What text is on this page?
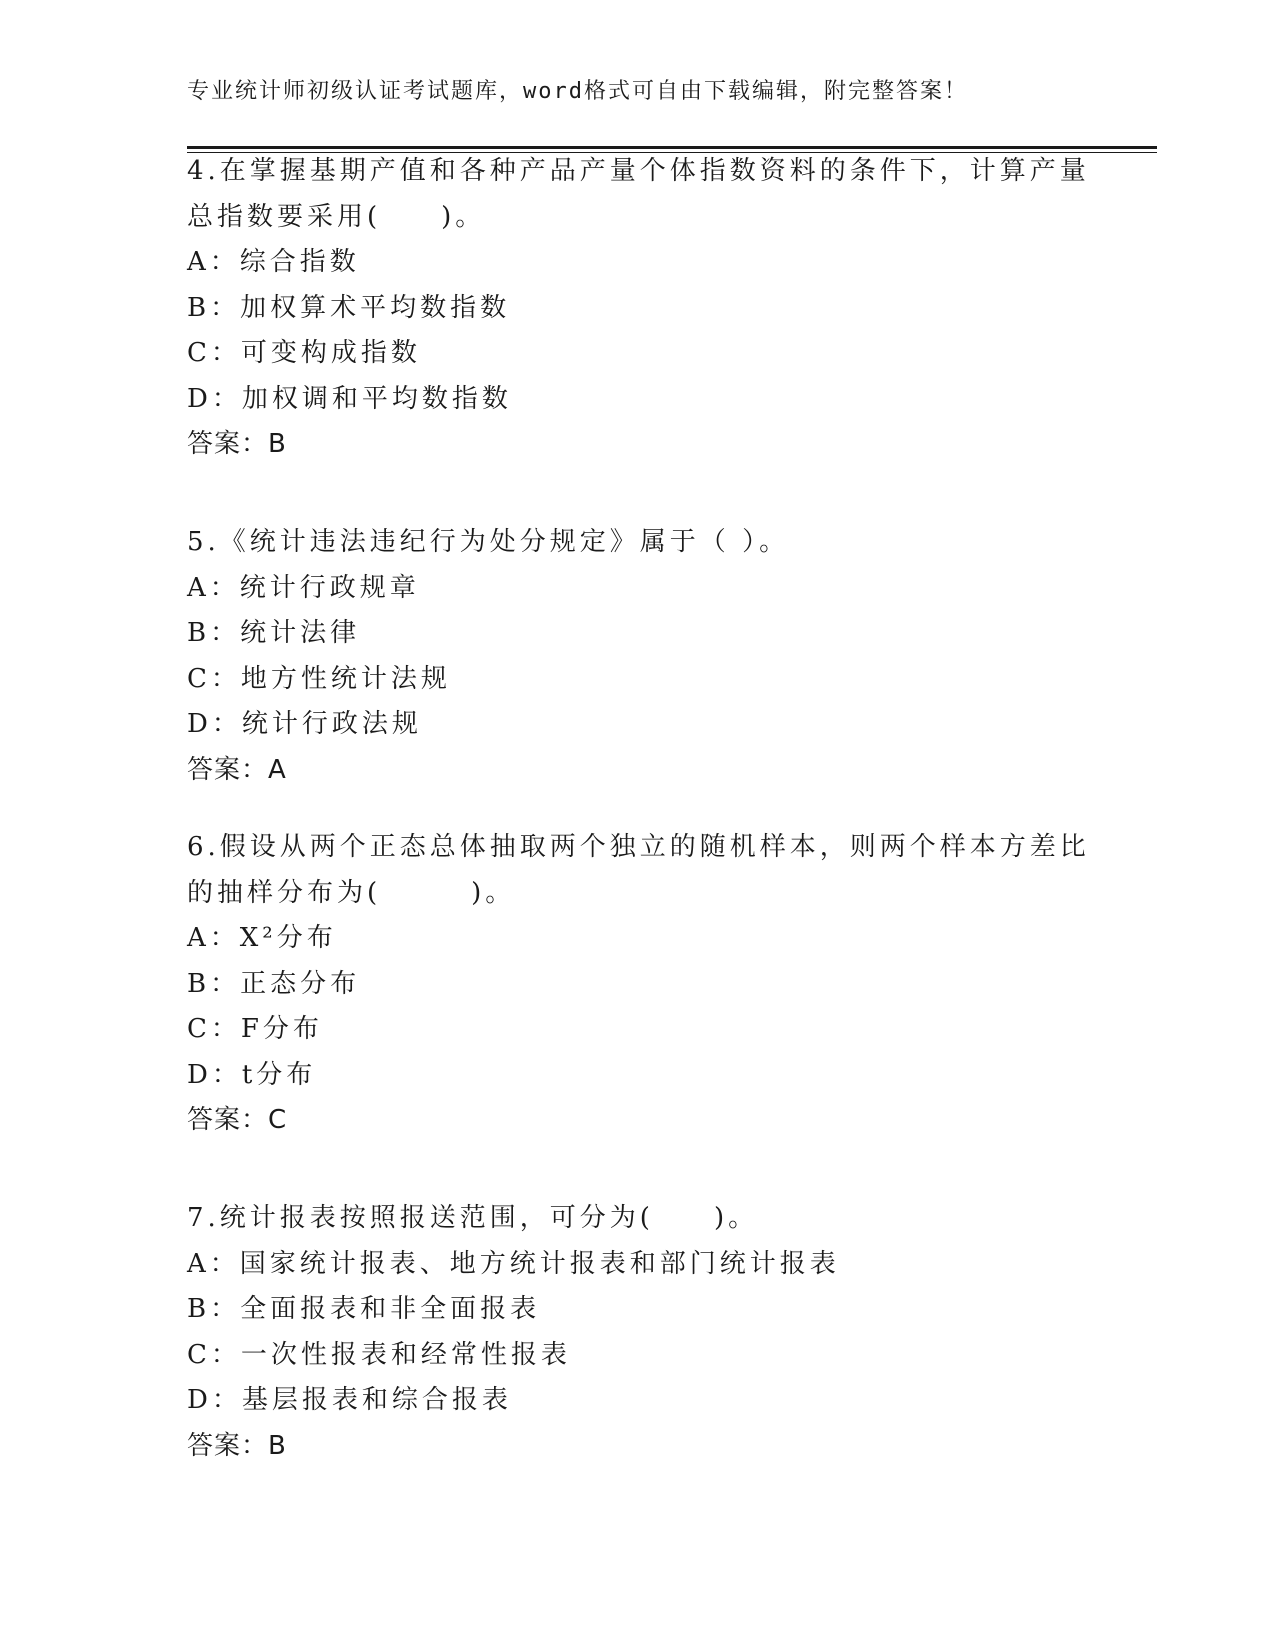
专业统计师初级认证考试题库，word格式可自由下载编辑，附完整答案！
4.在掌握基期产值和各种产品产量个体指数资料的条件下，计算产量
总指数要采用(　　)。
A：综合指数
B：加权算术平均数指数
C：可变构成指数
D：加权调和平均数指数
答案：B
5.《统计违法违纪行为处分规定》属于（ ）。
A：统计行政规章
B：统计法律
C：地方性统计法规
D：统计行政法规
答案：A
6.假设从两个正态总体抽取两个独立的随机样本，则两个样本方差比
的抽样分布为(　　　)。
A：X²分布
B：正态分布
C：F分布
D：t分布
答案：C
7.统计报表按照报送范围，可分为(　　)。
A：国家统计报表、地方统计报表和部门统计报表
B：全面报表和非全面报表
C：一次性报表和经常性报表
D：基层报表和综合报表
答案：B
